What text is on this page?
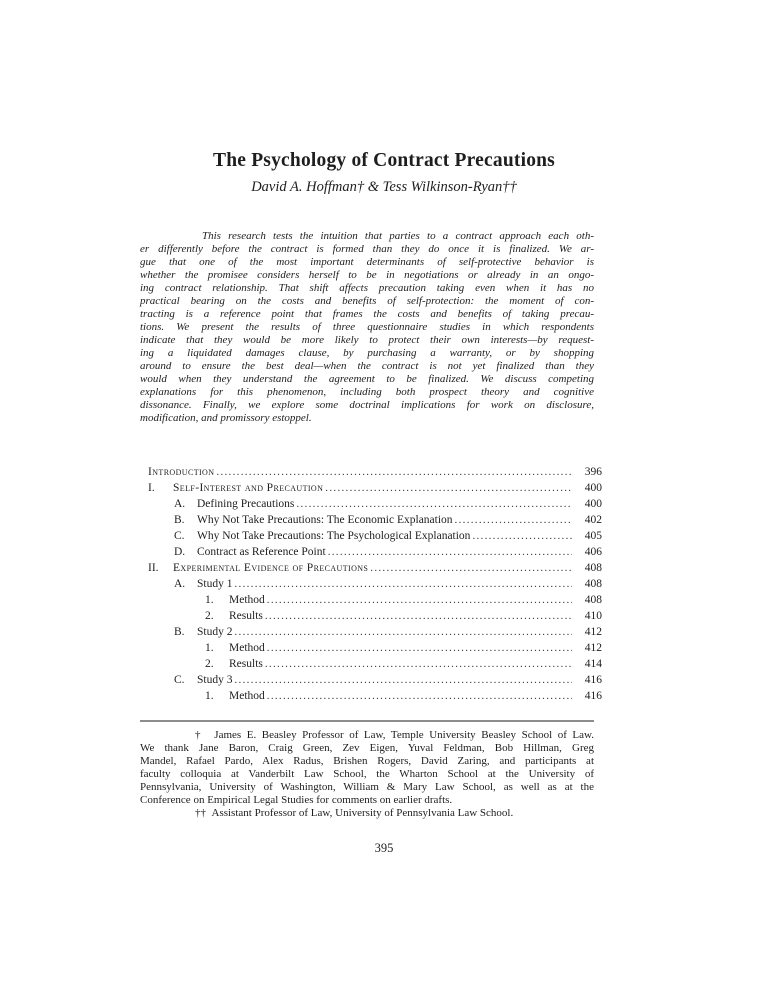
The Psychology of Contract Precautions
David A. Hoffman† & Tess Wilkinson-Ryan††
This research tests the intuition that parties to a contract approach each oth-
er differently before the contract is formed than they do once it is finalized. We ar-
gue that one of the most important determinants of self-protective behavior is
whether the promisee considers herself to be in negotiations or already in an ongo-
ing contract relationship. That shift affects precaution taking even when it has no
practical bearing on the costs and benefits of self-protection: the moment of con-
tracting is a reference point that frames the costs and benefits of taking precau-
tions. We present the results of three questionnaire studies in which respondents
indicate that they would be more likely to protect their own interests—by request-
ing a liquidated damages clause, by purchasing a warranty, or by shopping
around to ensure the best deal—when the contract is not yet finalized than they
would when they understand the agreement to be finalized. We discuss competing
explanations for this phenomenon, including both prospect theory and cognitive
dissonance. Finally, we explore some doctrinal implications for work on disclosure,
modification, and promissory estoppel.
Introduction .....	396
I.	Self-Interest and Precaution .....	400
A.	Defining Precautions .....	400
B.	Why Not Take Precautions: The Economic Explanation .....	402
C.	Why Not Take Precautions: The Psychological Explanation .....	405
D.	Contract as Reference Point .....	406
II.	Experimental Evidence of Precautions .....	408
A.	Study 1 .....	408
1.	Method .....	408
2.	Results .....	410
B.	Study 2 .....	412
1.	Method .....	412
2.	Results .....	414
C.	Study 3 .....	416
1.	Method .....	416
†  James E. Beasley Professor of Law, Temple University Beasley School of Law.
We thank Jane Baron, Craig Green, Zev Eigen, Yuval Feldman, Bob Hillman, Greg
Mandel, Rafael Pardo, Alex Radus, Brishen Rogers, David Zaring, and participants at
faculty colloquia at Vanderbilt Law School, the Wharton School at the University of
Pennsylvania, University of Washington, William & Mary Law School, as well as at the
Conference on Empirical Legal Studies for comments on earlier drafts.
†† Assistant Professor of Law, University of Pennsylvania Law School.
395
